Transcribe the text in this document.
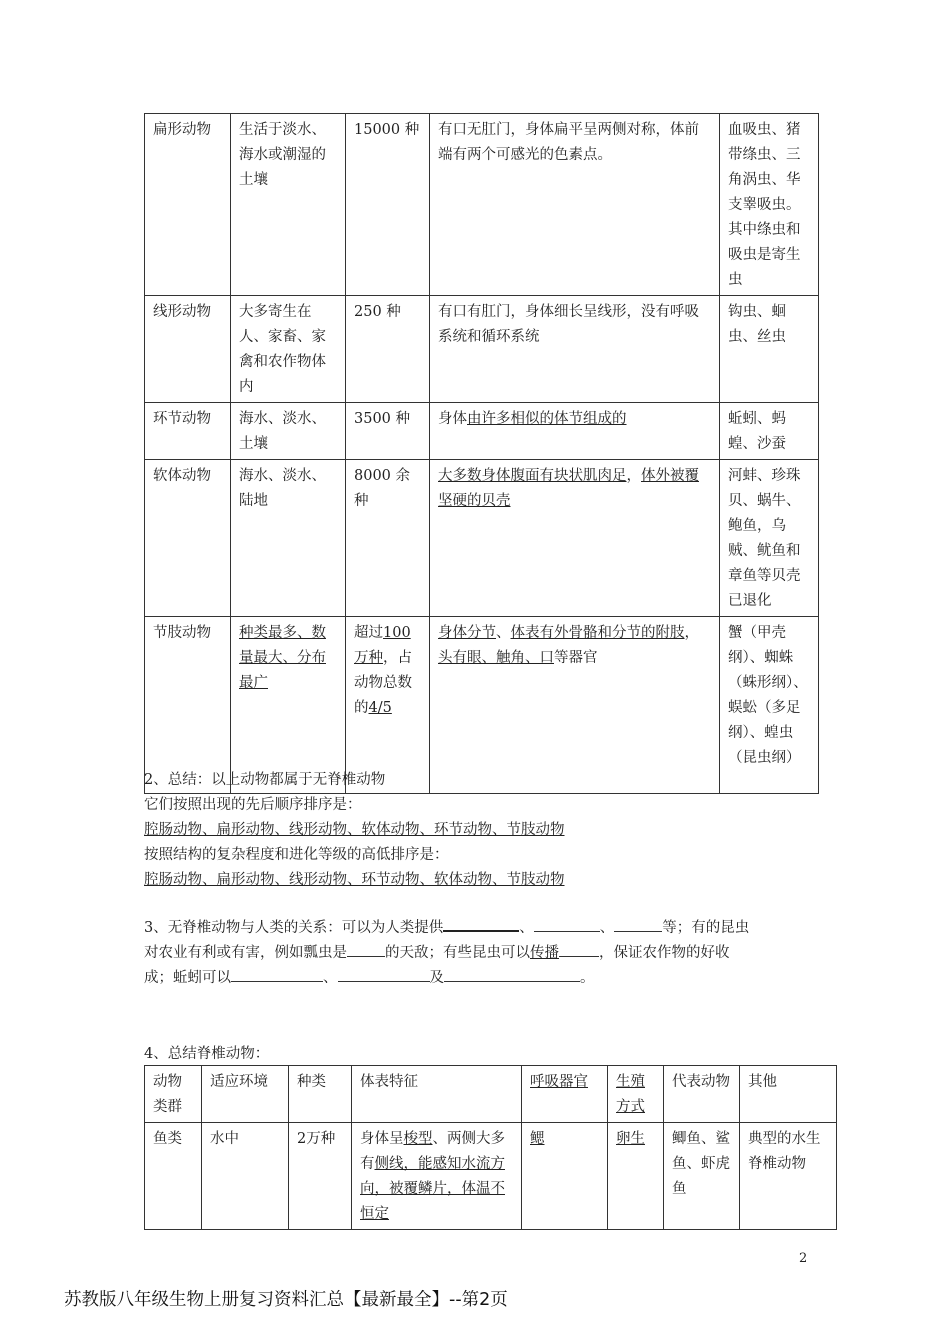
扁形动物	生活于淡水、海水或潮湿的土壤	15000 种	有口无肛门，身体扁平呈两侧对称，体前端有两个可感光的色素点。	血吸虫、猪带绦虫、三角涡虫、华支睾吸虫。其中绦虫和吸虫是寄生虫
线形动物	大多寄生在人、家畜、家禽和农作物体内	250 种	有口有肛门，身体细长呈线形，没有呼吸系统和循环系统	钩虫、蛔虫、丝虫
环节动物	海水、淡水、土壤	3500 种	身体由许多相似的体节组成的	蚯蚓、蚂蝗、沙蚕
软体动物	海水、淡水、陆地	8000 余种	大多数身体腹面有块状肌肉足，体外被覆坚硬的贝壳	河蚌、珍珠贝、蜗牛、鲍鱼，乌贼、鱿鱼和章鱼等贝壳已退化
节肢动物	种类最多、数量最大、分布最广	超过100万种，占动物总数的4/5	身体分节、体表有外骨骼和分节的附肢，头有眼、触角、口等器官	蟹（甲壳纲）、蜘蛛（蛛形纲）、蜈蚣（多足纲）、蝗虫（昆虫纲）
2、总结：以上动物都属于无脊椎动物
它们按照出现的先后顺序排序是：
腔肠动物、扁形动物、线形动物、软体动物、环节动物、节肢动物
按照结构的复杂程度和进化等级的高低排序是：
腔肠动物、扁形动物、线形动物、环节动物、软体动物、节肢动物
3、无脊椎动物与人类的关系：可以为人类提供	、	、	等；有的昆虫
对农业有利或有害，例如瓢虫是	的天敌；有些昆虫可以传播	，保证农作物的好收
成；蚯蚓可以	、	及	。
4、总结脊椎动物：
动物类群	适应环境	种类	体表特征	呼吸器官	生殖方式	代表动物	其他
鱼类	水中	2万种	身体呈梭型、两侧大多有侧线，能感知水流方向，被覆鳞片，体温不恒定	鳃	卵生	鲫鱼、鲨鱼、虾虎鱼	典型的水生脊椎动物
2
苏教版八年级生物上册复习资料汇总【最新最全】--第2页
